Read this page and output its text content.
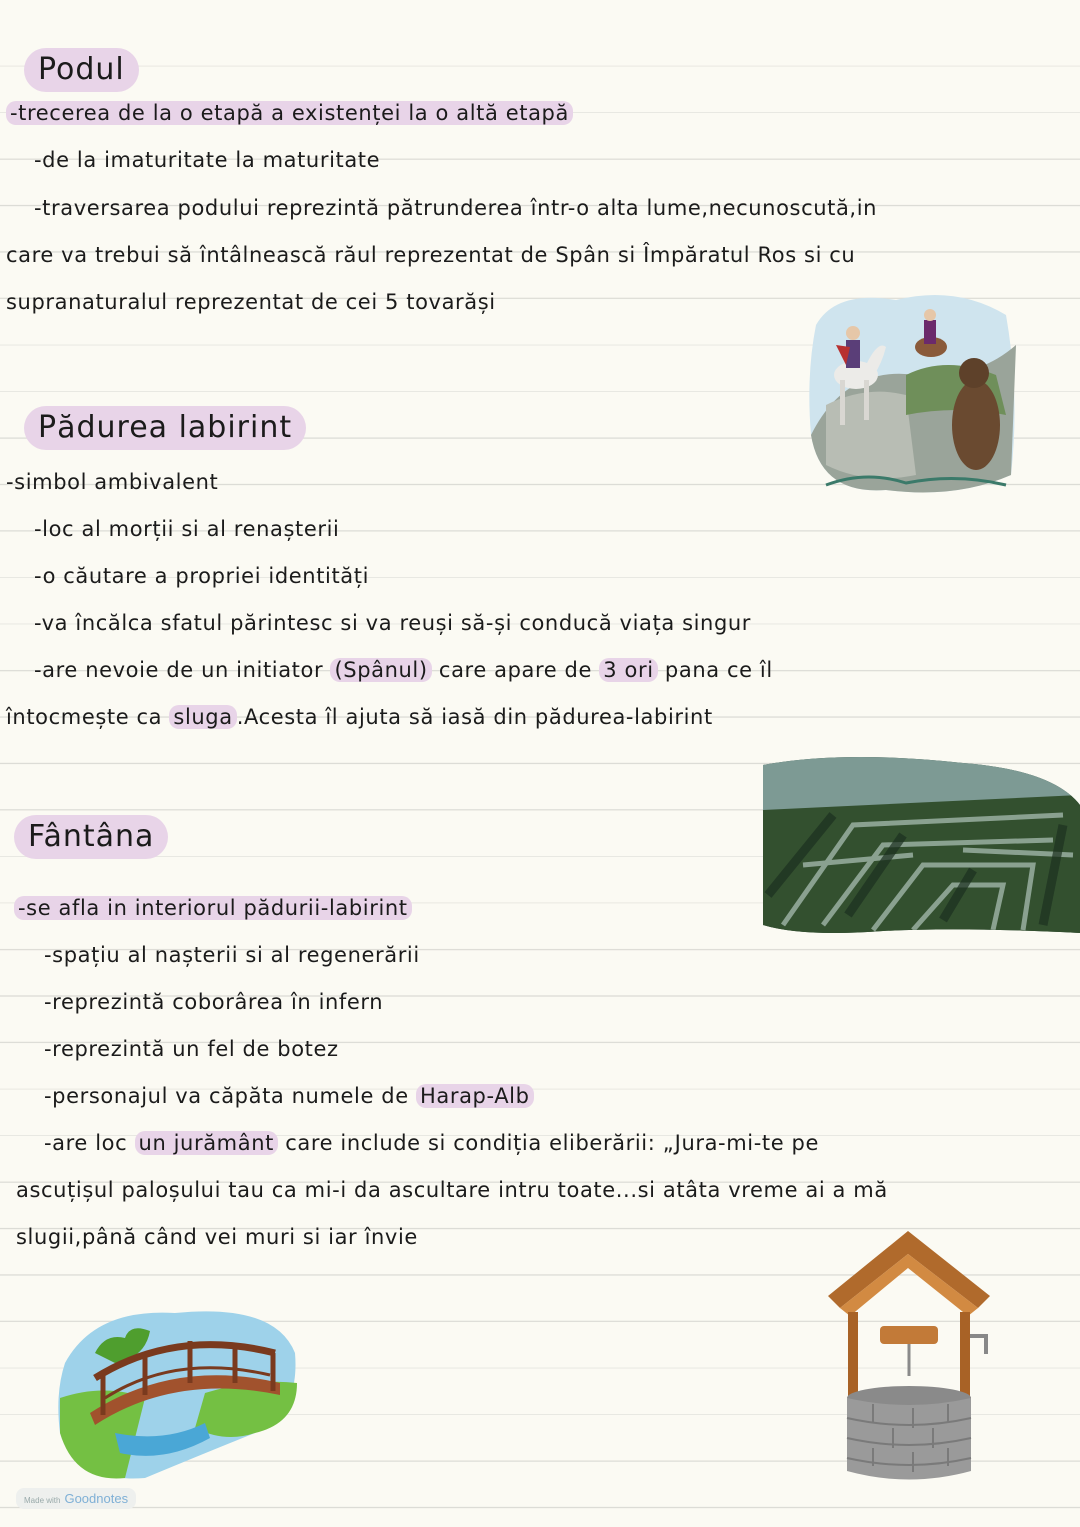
Podul
-trecerea de la o etapă a existenței la o altă etapă
-de la imaturitate la maturitate
-traversarea podului reprezintă pătrunderea într-o alta lume,necunoscută,in
care va trebui să întâlnească răul reprezentat de Spân si Împăratul Ros si cu
supranaturalul reprezentat de cei 5 tovarăși
Pădurea labirint
-simbol ambivalent
-loc al morții si al renașterii
-o căutare a propriei identități
-va încălca sfatul părintesc si va reuși să-și conducă viața singur
-are nevoie de un initiator (Spânul) care apare de 3 ori pana ce îl
întocmește ca sluga .Acesta îl ajuta să iasă din pădurea-labirint
Fântâna
-se afla in interiorul pădurii-labirint
-spațiu al nașterii si al regenerării
-reprezintă coborârea în infern
-reprezintă un fel de botez
-personajul va căpăta numele de Harap-Alb
-are loc un jurământ care include si condiția eliberării: „Jura-mi-te pe
ascuțișul paloșului tau ca mi-i da ascultare intru toate...si atâta vreme ai a mă
slugii,până când vei muri si iar învie
Made with Goodnotes
